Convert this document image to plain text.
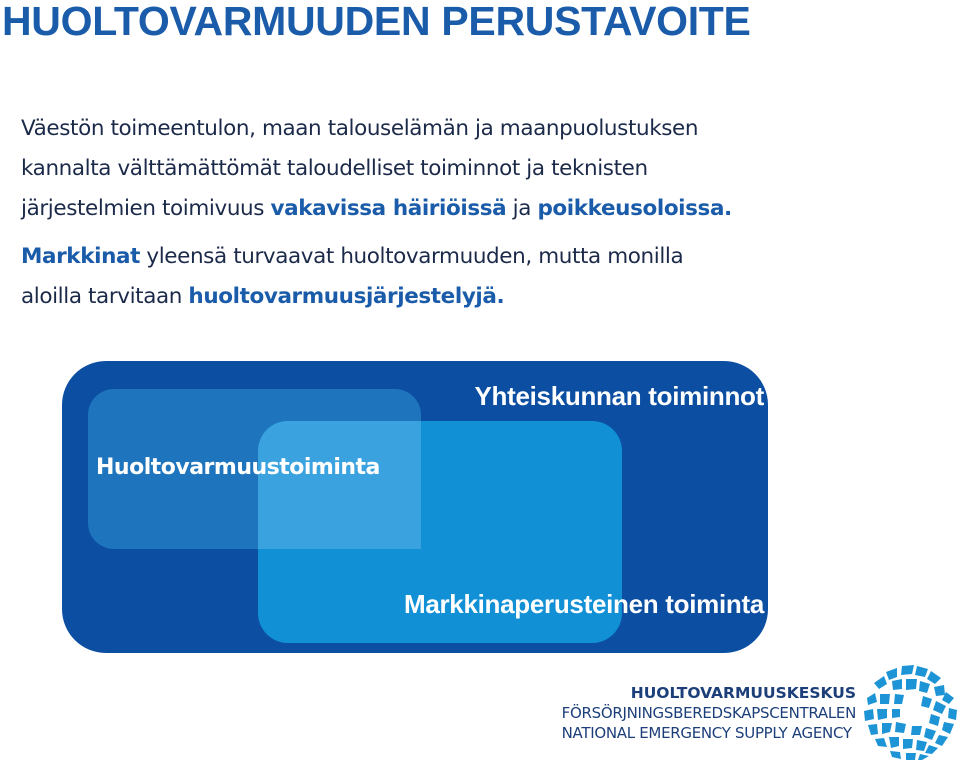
HUOLTOVARMUUDEN PERUSTAVOITE

Väestön toimeentulon, maan talouselämän ja maanpuolustuksen
kannalta välttämättömät taloudelliset toiminnot ja teknisten
järjestelmien toimivuus vakavissa häiriöissä ja poikkeusoloissa.

Markkinat yleensä turvaavat huoltovarmuuden, mutta monilla
aloilla tarvitaan huoltovarmuusjärjestelyjä.

Yhteiskunnan toiminnot
Huoltovarmuustoiminta
Markkinaperusteinen toiminta
HUOLTOVARMUUSKESKUS
FÖRSÖRJNINGSBEREDSKAPSCENTRALEN
NATIONAL EMERGENCY SUPPLY AGENCY
